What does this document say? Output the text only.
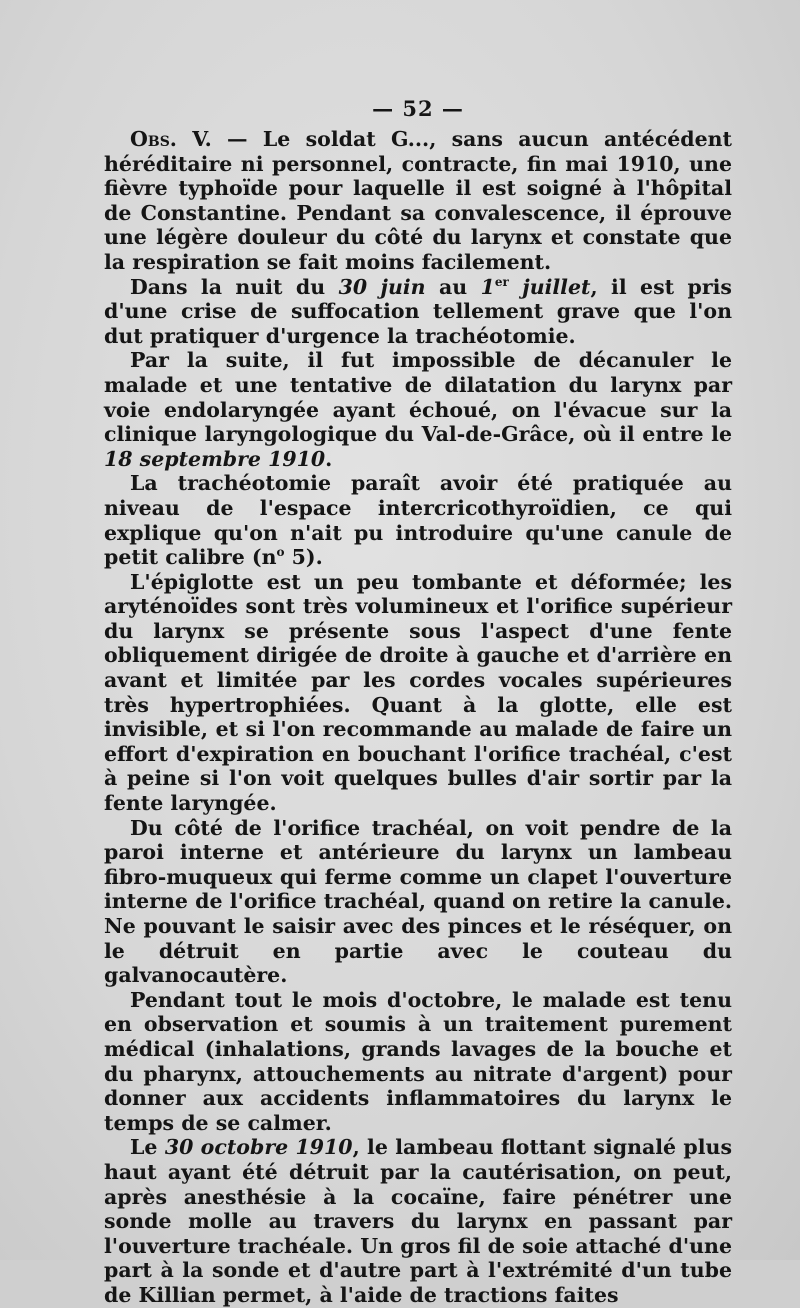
— 52 —

Obs. V. — Le soldat G..., sans aucun antécédent héréditaire ni personnel, contracte, fin mai 1910, une fièvre typhoïde pour laquelle il est soigné à l'hôpital de Constantine. Pendant sa convalescence, il éprouve une légère douleur du côté du larynx et constate que la respiration se fait moins facilement.

Dans la nuit du 30 juin au 1er juillet, il est pris d'une crise de suffocation tellement grave que l'on dut pratiquer d'urgence la trachéotomie.

Par la suite, il fut impossible de décanuler le malade et une tentative de dilatation du larynx par voie endolaryngée ayant échoué, on l'évacue sur la clinique laryngologique du Val-de-Grâce, où il entre le 18 septembre 1910.

La trachéotomie paraît avoir été pratiquée au niveau de l'espace intercricothyroïdien, ce qui explique qu'on n'ait pu introduire qu'une canule de petit calibre ($n^o$ 5).

L'épiglotte est un peu tombante et déformée; les aryténoïdes sont très volumineux et l'orifice supérieur du larynx se présente sous l'aspect d'une fente obliquement dirigée de droite à gauche et d'arrière en avant et limitée par les cordes vocales supérieures très hypertrophiées. Quant à la glotte, elle est invisible, et si l'on recommande au malade de faire un effort d'expiration en bouchant l'orifice trachéal, c'est à peine si l'on voit quelques bulles d'air sortir par la fente laryngée.

Du côté de l'orifice trachéal, on voit pendre de la paroi interne et antérieure du larynx un lambeau fibro-muqueux qui ferme comme un clapet l'ouverture interne de l'orifice trachéal, quand on retire la canule. Ne pouvant le saisir avec des pinces et le réséquer, on le détruit en partie avec le couteau du galvanocautère.

Pendant tout le mois d'octobre, le malade est tenu en observation et soumis à un traitement purement médical (inhalations, grands lavages de la bouche et du pharynx, attouchements au nitrate d'argent) pour donner aux accidents inflammatoires du larynx le temps de se calmer.

Le 30 octobre 1910, le lambeau flottant signalé plus haut ayant été détruit par la cautérisation, on peut, après anesthésie à la cocaïne, faire pénétrer une sonde molle au travers du larynx en passant par l'ouverture trachéale. Un gros fil de soie attaché d'une part à la sonde et d'autre part à l'extrémité d'un tube de Killian permet, à l'aide de tractions faites
